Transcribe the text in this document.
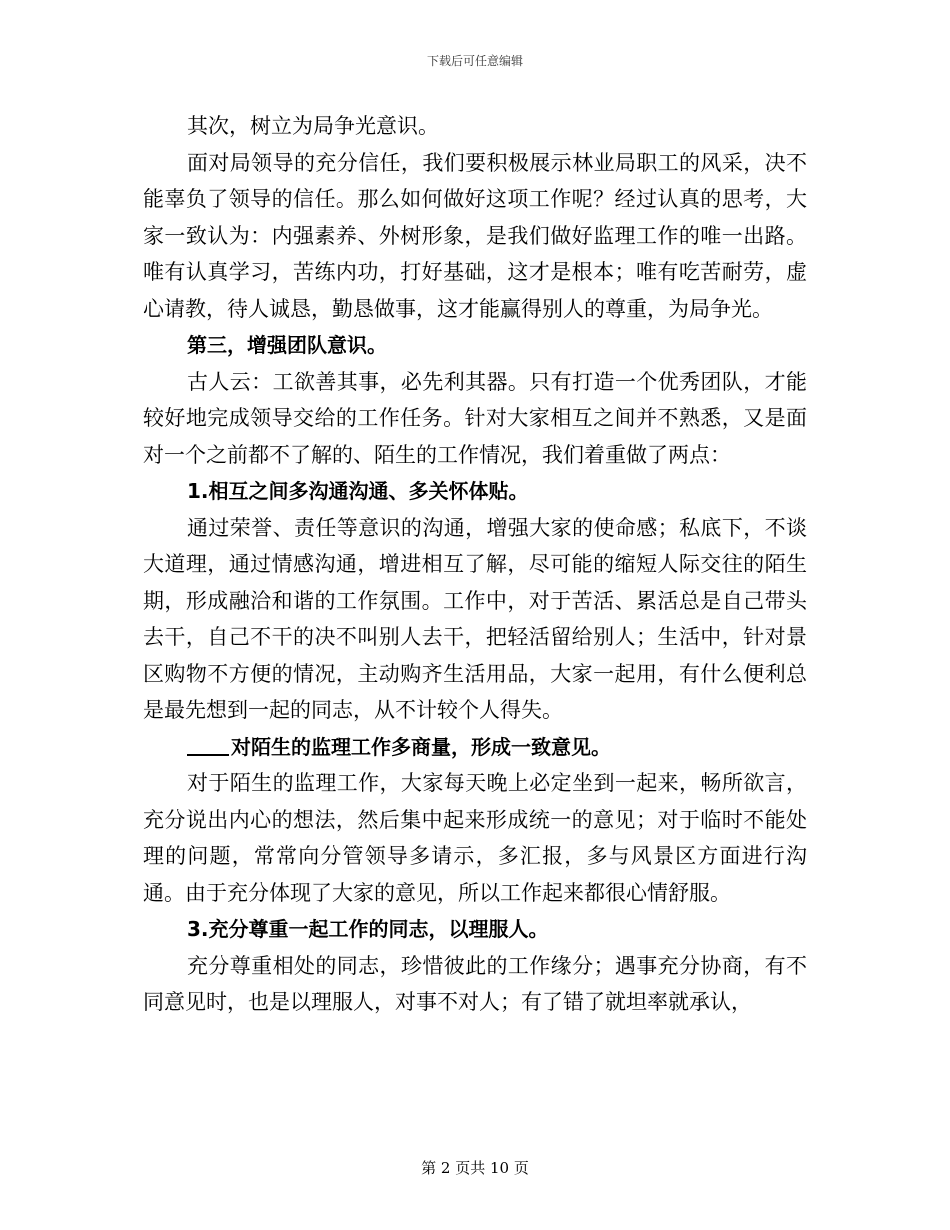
下载后可任意编辑

其次，树立为局争光意识。

面对局领导的充分信任，我们要积极展示林业局职工的风采，决不能辜负了领导的信任。那么如何做好这项工作呢？经过认真的思考，大家一致认为：内强素养、外树形象，是我们做好监理工作的唯一出路。唯有认真学习，苦练内功，打好基础，这才是根本；唯有吃苦耐劳，虚心请教，待人诚恳，勤恳做事，这才能赢得别人的尊重，为局争光。

第三，增强团队意识。

古人云：工欲善其事，必先利其器。只有打造一个优秀团队，才能较好地完成领导交给的工作任务。针对大家相互之间并不熟悉，又是面对一个之前都不了解的、陌生的工作情况，我们着重做了两点：

1.相互之间多沟通沟通、多关怀体贴。

通过荣誉、责任等意识的沟通，增强大家的使命感；私底下，不谈大道理，通过情感沟通，增进相互了解，尽可能的缩短人际交往的陌生期，形成融洽和谐的工作氛围。工作中，对于苦活、累活总是自己带头去干，自己不干的决不叫别人去干，把轻活留给别人；生活中，针对景区购物不方便的情况，主动购齐生活用品，大家一起用，有什么便利总是最先想到一起的同志，从不计较个人得失。

对陌生的监理工作多商量，形成一致意见。

对于陌生的监理工作，大家每天晚上必定坐到一起来，畅所欲言，充分说出内心的想法，然后集中起来形成统一的意见；对于临时不能处理的问题，常常向分管领导多请示，多汇报，多与风景区方面进行沟通。由于充分体现了大家的意见，所以工作起来都很心情舒服。

3.充分尊重一起工作的同志，以理服人。

充分尊重相处的同志，珍惜彼此的工作缘分；遇事充分协商，有不同意见时，也是以理服人，对事不对人；有了错了就坦率就承认，

第 2 页共 10 页
